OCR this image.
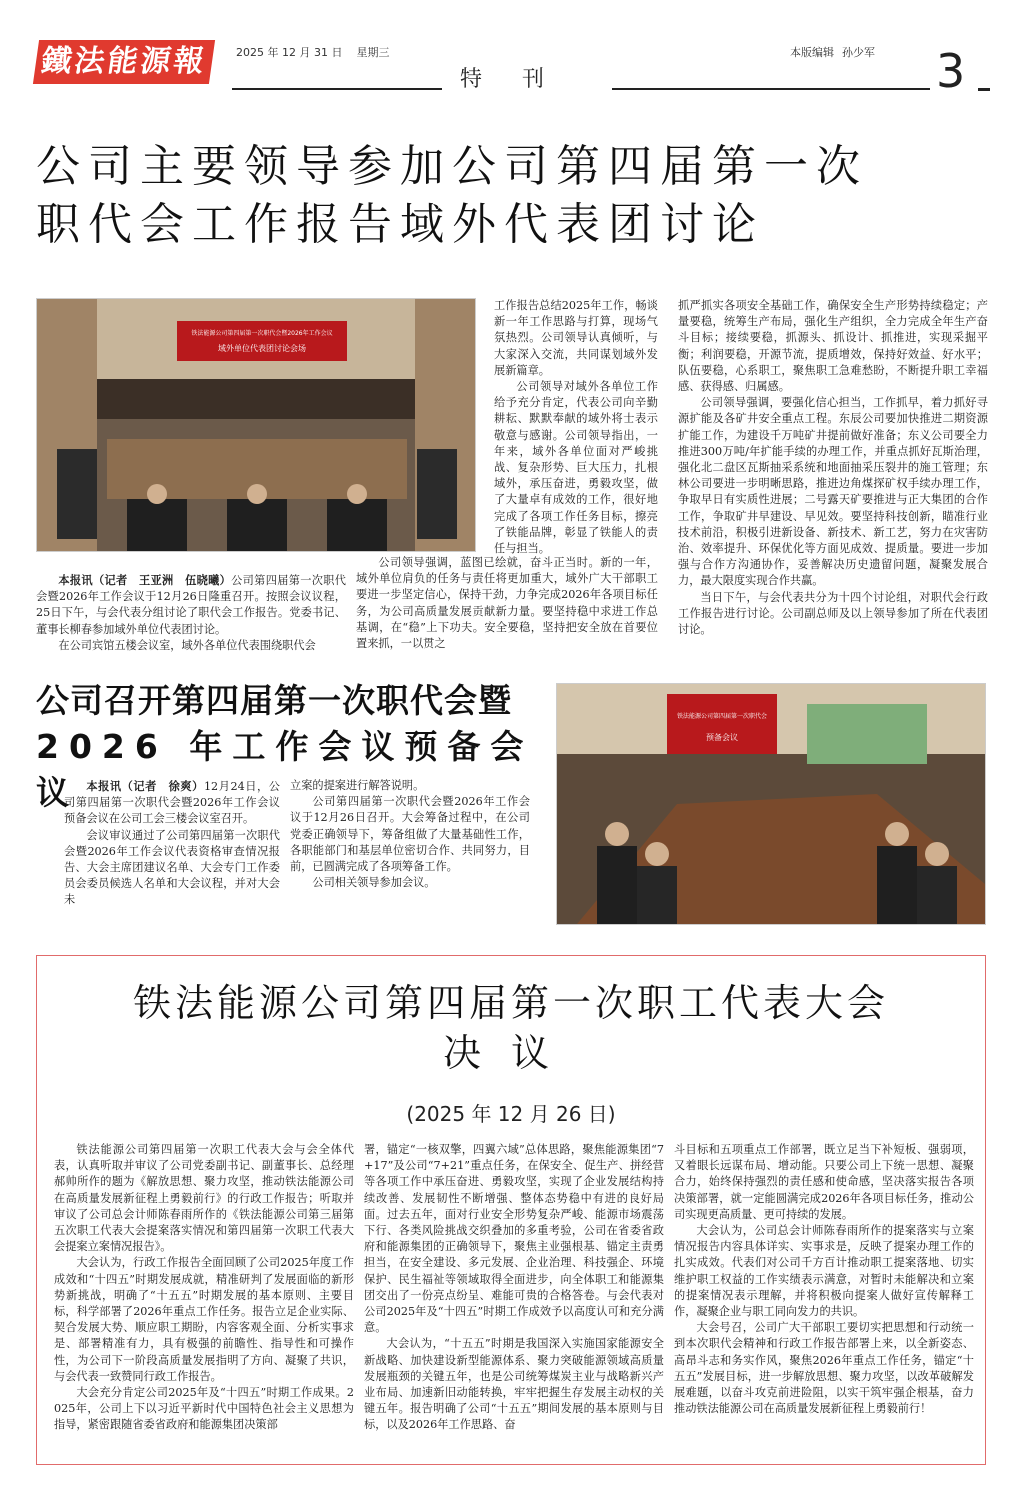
鐵法能源報	2025 年 12 月 31 日 星期三	本版编辑 孙少军
特刊	3
公司主要领导参加公司第四届第一次
职代会工作报告域外代表团讨论
铁法能源公司第四届第一次职代会暨2026年工作会议
域外单位代表团讨论会场

本报讯（记者　王亚洲　伍晓曦）公司第四届第一次职代会暨2026年工作会议于12月26日隆重召开。按照会议议程，25日下午，与会代表分组讨论了职代会工作报告。党委书记、董事长柳春参加域外单位代表团讨论。

在公司宾馆五楼会议室，域外各单位代表围绕职代会

工作报告总结2025年工作，畅谈新一年工作思路与打算，现场气氛热烈。公司领导认真倾听，与大家深入交流，共同谋划域外发展新篇章。

公司领导对域外各单位工作给予充分肯定，代表公司向辛勤耕耘、默默奉献的域外将士表示敬意与感谢。公司领导指出，一年来，域外各单位面对严峻挑战、复杂形势、巨大压力，扎根域外，承压奋进，勇毅攻坚，做了大量卓有成效的工作，很好地完成了各项工作任务目标，擦亮了铁能品牌，彰显了铁能人的责任与担当。

公司领导强调，蓝图已绘就，奋斗正当时。新的一年，域外单位肩负的任务与责任将更加重大，域外广大干部职工要进一步坚定信心，保持干劲，力争完成2026年各项目标任务，为公司高质量发展贡献新力量。要坚持稳中求进工作总基调，在“稳”上下功夫。安全要稳，坚持把安全放在首要位置来抓，一以贯之

抓严抓实各项安全基础工作，确保安全生产形势持续稳定；产量要稳，统筹生产布局，强化生产组织，全力完成全年生产奋斗目标；接续要稳，抓源头、抓设计、抓推进，实现采掘平衡；利润要稳，开源节流，提质增效，保持好效益、好水平；队伍要稳，心系职工，聚焦职工急难愁盼，不断提升职工幸福感、获得感、归属感。

公司领导强调，要强化信心担当，工作抓早，着力抓好寻源扩能及各矿井安全重点工程。东辰公司要加快推进二期资源扩能工作，为建设千万吨矿井提前做好准备；东义公司要全力推进300万吨/年扩能手续的办理工作，并重点抓好瓦斯治理，强化北二盘区瓦斯抽采系统和地面抽采压裂井的施工管理；东林公司要进一步明晰思路，推进边角煤探矿权手续办理工作，争取早日有实质性进展；二号露天矿要推进与正大集团的合作工作，争取矿井早建设、早见效。要坚持科技创新，瞄准行业技术前沿，积极引进新设备、新技术、新工艺，努力在灾害防治、效率提升、环保优化等方面见成效、提质量。要进一步加强与合作方沟通协作，妥善解决历史遗留问题，凝聚发展合力，最大限度实现合作共赢。

当日下午，与会代表共分为十四个讨论组，对职代会行政工作报告进行讨论。公司副总师及以上领导参加了所在代表团讨论。

公司召开第四届第一次职代会暨
2026 年工作会议预备会议
铁法能源公司第四届第一次职代会
预备会议

本报讯（记者　徐爽）12月24日，公司第四届第一次职代会暨2026年工作会议预备会议在公司工会三楼会议室召开。

会议审议通过了公司第四届第一次职代会暨2026年工作会议代表资格审查情况报告、大会主席团建议名单、大会专门工作委员会委员候选人名单和大会议程，并对大会未

立案的提案进行解答说明。

公司第四届第一次职代会暨2026年工作会议于12月26日召开。大会筹备过程中，在公司党委正确领导下，筹备组做了大量基础性工作，各职能部门和基层单位密切合作、共同努力，目前，已圆满完成了各项筹备工作。

公司相关领导参加会议。

铁法能源公司第四届第一次职工代表大会
决议
(2025 年 12 月 26 日)

铁法能源公司第四届第一次职工代表大会与会全体代表，认真听取并审议了公司党委副书记、副董事长、总经理郝帅所作的题为《解放思想、聚力攻坚，推动铁法能源公司在高质量发展新征程上勇毅前行》的行政工作报告；听取并审议了公司总会计师陈春雨所作的《铁法能源公司第三届第五次职工代表大会提案落实情况和第四届第一次职工代表大会提案立案情况报告》。

大会认为，行政工作报告全面回顾了公司2025年度工作成效和“十四五”时期发展成就，精准研判了发展面临的新形势新挑战，明确了“十五五”时期发展的基本原则、主要目标，科学部署了2026年重点工作任务。报告立足企业实际、契合发展大势、顺应职工期盼，内容客观全面、分析实事求是、部署精准有力，具有极强的前瞻性、指导性和可操作性，为公司下一阶段高质量发展指明了方向、凝聚了共识，与会代表一致赞同行政工作报告。

大会充分肯定公司2025年及“十四五”时期工作成果。2025年，公司上下以习近平新时代中国特色社会主义思想为指导，紧密跟随省委省政府和能源集团决策部

署，锚定“一核双擎，四翼六域”总体思路，聚焦能源集团“7+17”及公司“7+21”重点任务，在保安全、促生产、拼经营等各项工作中承压奋进、勇毅攻坚，实现了企业发展结构持续改善、发展韧性不断增强、整体态势稳中有进的良好局面。过去五年，面对行业安全形势复杂严峻、能源市场震荡下行、各类风险挑战交织叠加的多重考验，公司在省委省政府和能源集团的正确领导下，聚焦主业强根基、锚定主责勇担当，在安全建设、多元发展、企业治理、科技强企、环境保护、民生福祉等领域取得全面进步，向全体职工和能源集团交出了一份亮点纷呈、难能可贵的合格答卷。与会代表对公司2025年及“十四五”时期工作成效予以高度认可和充分满意。

大会认为，“十五五”时期是我国深入实施国家能源安全新战略、加快建设新型能源体系、聚力突破能源领域高质量发展瓶颈的关键五年，也是公司统筹煤炭主业与战略新兴产业布局、加速新旧动能转换，牢牢把握生存发展主动权的关键五年。报告明确了公司“十五五”期间发展的基本原则与目标，以及2026年工作思路、奋

斗目标和五项重点工作部署，既立足当下补短板、强弱项，又着眼长远谋布局、增动能。只要公司上下统一思想、凝聚合力，始终保持强烈的责任感和使命感，坚决落实报告各项决策部署，就一定能圆满完成2026年各项目标任务，推动公司实现更高质量、更可持续的发展。

大会认为，公司总会计师陈春雨所作的提案落实与立案情况报告内容具体详实、实事求是，反映了提案办理工作的扎实成效。代表们对公司千方百计推动职工提案落地、切实维护职工权益的工作实绩表示满意，对暂时未能解决和立案的提案情况表示理解，并将积极向提案人做好宣传解释工作，凝聚企业与职工同向发力的共识。

大会号召，公司广大干部职工要切实把思想和行动统一到本次职代会精神和行政工作报告部署上来，以全新姿态、高昂斗志和务实作风，聚焦2026年重点工作任务，锚定“十五五”发展目标，进一步解放思想、聚力攻坚，以改革破解发展难题，以奋斗攻克前进险阻，以实干筑牢强企根基，奋力推动铁法能源公司在高质量发展新征程上勇毅前行！
